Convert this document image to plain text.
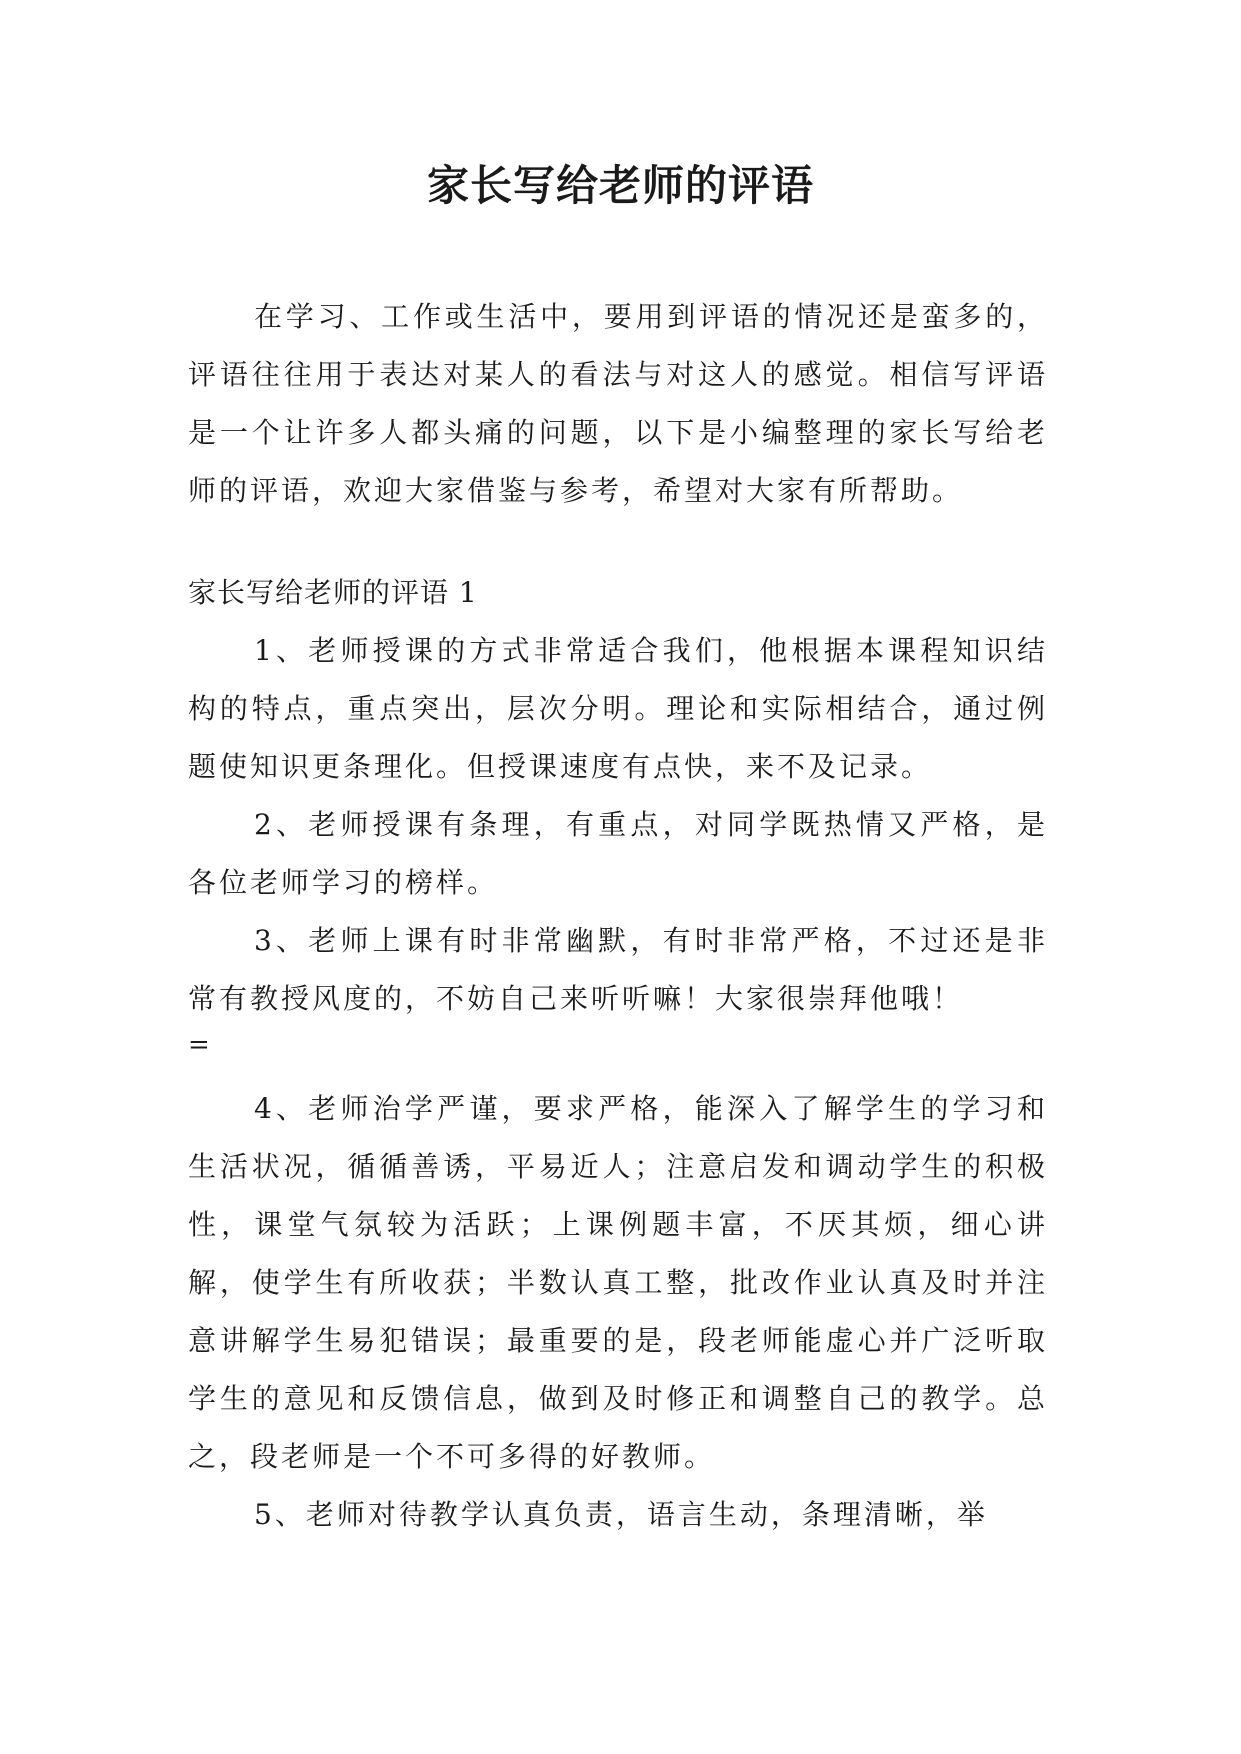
家长写给老师的评语

在学习、工作或生活中，要用到评语的情况还是蛮多的，评语往往用于表达对某人的看法与对这人的感觉。相信写评语是一个让许多人都头痛的问题，以下是小编整理的家长写给老师的评语，欢迎大家借鉴与参考，希望对大家有所帮助。

家长写给老师的评语 1

1、老师授课的方式非常适合我们，他根据本课程知识结构的特点，重点突出，层次分明。理论和实际相结合，通过例题使知识更条理化。但授课速度有点快，来不及记录。

2、老师授课有条理，有重点，对同学既热情又严格，是各位老师学习的榜样。

3、老师上课有时非常幽默，有时非常严格，不过还是非常有教授风度的，不妨自己来听听嘛！大家很崇拜他哦！

=

4、老师治学严谨，要求严格，能深入了解学生的学习和生活状况，循循善诱，平易近人；注意启发和调动学生的积极性，课堂气氛较为活跃；上课例题丰富，不厌其烦，细心讲解，使学生有所收获；半数认真工整，批改作业认真及时并注意讲解学生易犯错误；最重要的是，段老师能虚心并广泛听取学生的意见和反馈信息，做到及时修正和调整自己的教学。总之，段老师是一个不可多得的好教师。

5、老师对待教学认真负责，语言生动，条理清晰，举
